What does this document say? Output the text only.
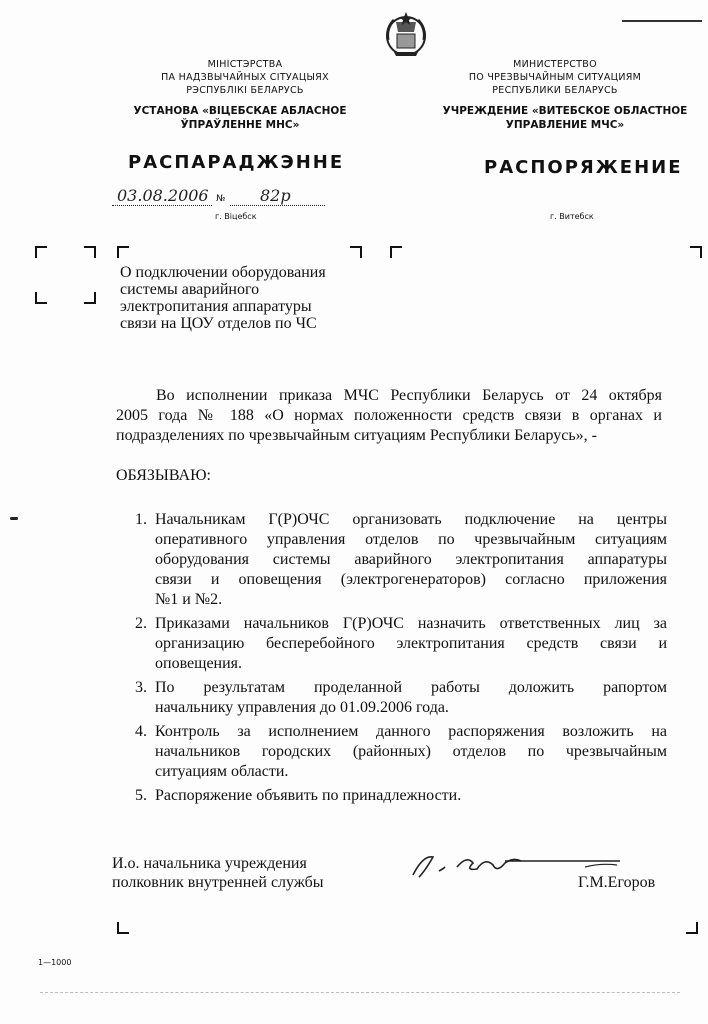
МІНІСТЭРСТВА
ПА НАДЗВЫЧАЙНЫХ СІТУАЦЫЯХ
РЭСПУБЛІКІ БЕЛАРУСЬ
УСТАНОВА «ВІЦЕБСКАЕ АБЛАСНОЕ
ЎПРАЎЛЕННЕ МНС»
РАСПАРАДЖЭННЕ
МИНИСТЕРСТВО
ПО ЧРЕЗВЫЧАЙНЫМ СИТУАЦИЯМ
РЕСПУБЛИКИ БЕЛАРУСЬ
УЧРЕЖДЕНИЕ «ВИТЕБСКОЕ ОБЛАСТНОЕ
УПРАВЛЕНИЕ МЧС»
РАСПОРЯЖЕНИЕ
03.08.2006 № 82р
г. Віцебск	г. Витебск
О подключении оборудования
системы аварийного
электропитания аппаратуры
связи на ЦОУ отделов по ЧС
Во исполнении приказа МЧС Республики Беларусь от 24 октября
2005 года № 188 «О нормах положенности средств связи в органах и
подразделениях по чрезвычайным ситуациям Республики Беларусь», -
ОБЯЗЫВАЮ:
1. Начальникам Г(Р)ОЧС организовать подключение на центры
оперативного управления отделов по чрезвычайным ситуациям
оборудования системы аварийного электропитания аппаратуры
связи и оповещения (электрогенераторов) согласно приложения
№1 и №2.
2. Приказами начальников Г(Р)ОЧС назначить ответственных лиц за
организацию бесперебойного электропитания средств связи и
оповещения.
3. По результатам проделанной работы доложить рапортом
начальнику управления до 01.09.2006 года.
4. Контроль за исполнением данного распоряжения возложить на
начальников городских (районных) отделов по чрезвычайным
ситуациям области.
5. Распоряжение объявить по принадлежности.
И.о. начальника учреждения
полковник внутренней службы	Г.М.Егоров
1—1000
